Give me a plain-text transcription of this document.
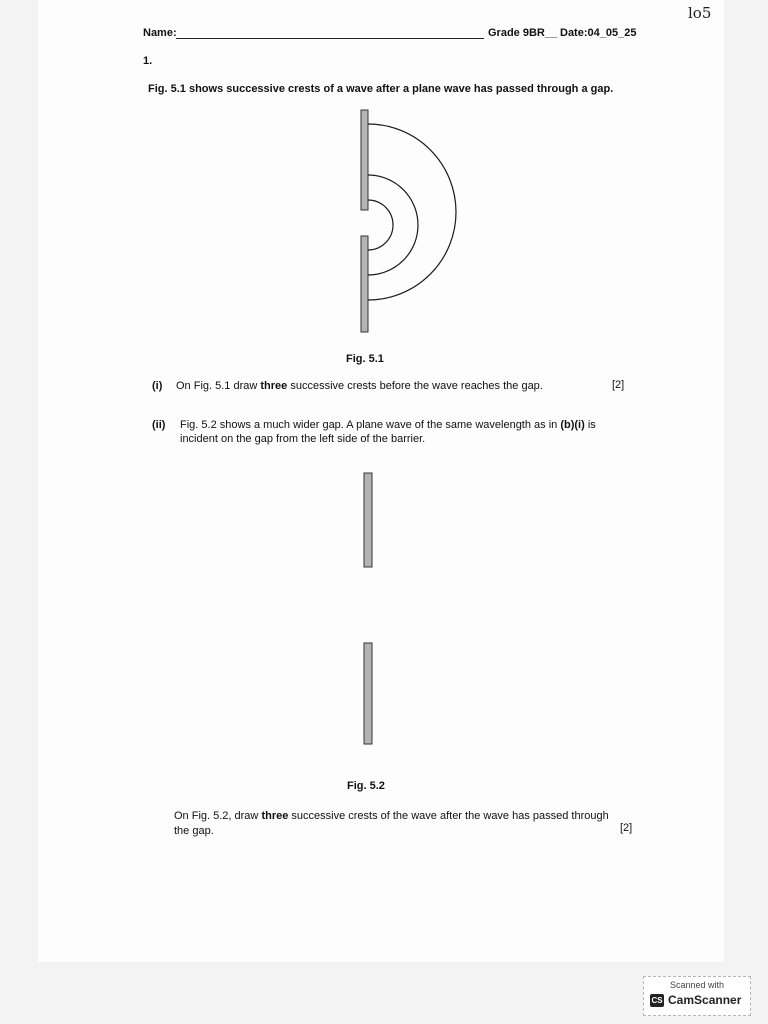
lo5
Name:	Grade 9BR__ Date:04_05_25
1.
Fig. 5.1 shows successive crests of a wave after a plane wave has passed through a gap.
Fig. 5.1
(i) On Fig. 5.1 draw three successive crests before the wave reaches the gap.	[2]
(ii) Fig. 5.2 shows a much wider gap. A plane wave of the same wavelength as in (b)(i) is
incident on the gap from the left side of the barrier.
Fig. 5.2
On Fig. 5.2, draw three successive crests of the wave after the wave has passed through
the gap.	[2]
Scanned with
CS CamScanner
